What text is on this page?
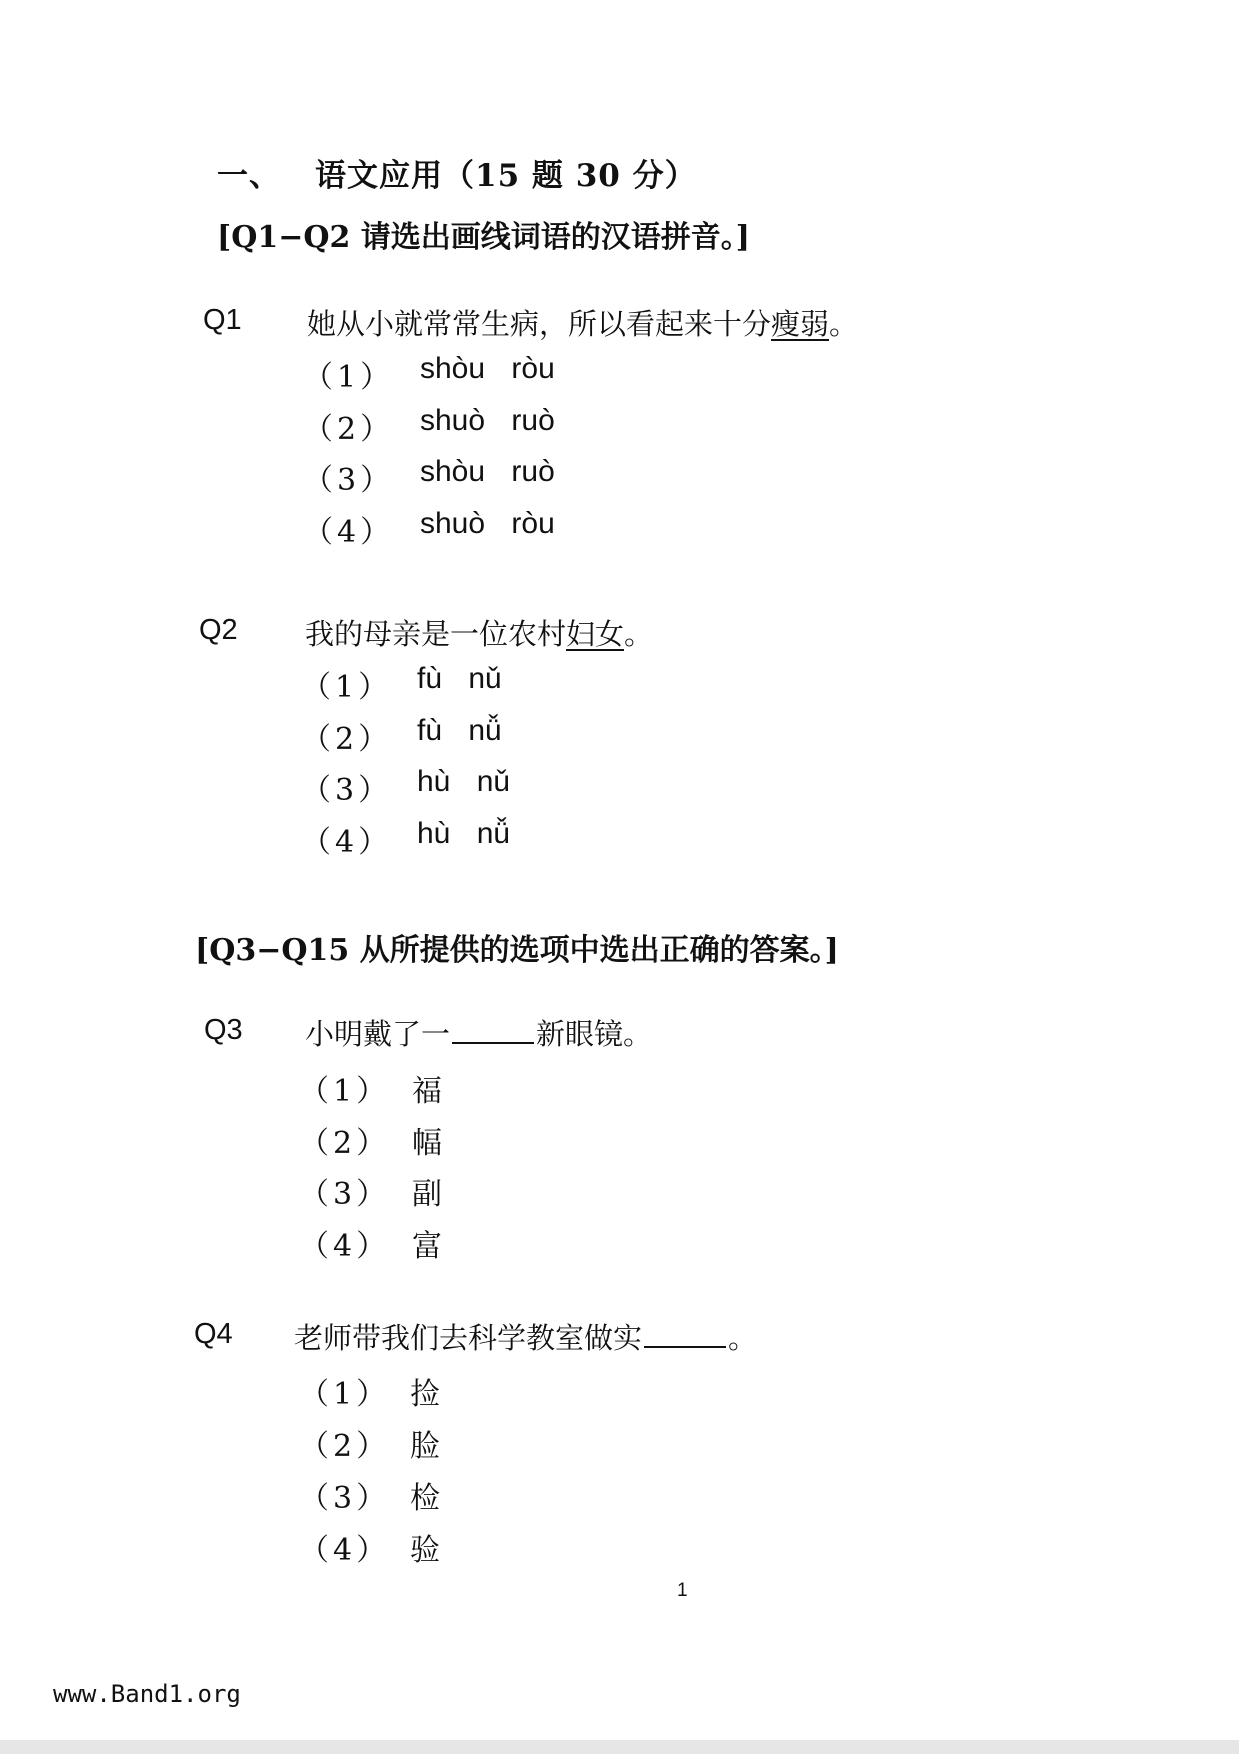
一、 语文应用（15 题 30 分）
[Q1−Q2 请选出画线词语的汉语拼音。]
Q1 她从小就常常生病，所以看起来十分瘦弱。
（1） shòu ròu
（2） shuò ruò
（3） shòu ruò
（4） shuò ròu
Q2 我的母亲是一位农村妇女。
（1） fù nǔ
（2） fù nǚ
（3） hù nǔ
（4） hù nǚ
[Q3−Q15 从所提供的选项中选出正确的答案。]
Q3 小明戴了一	新眼镜。
（1） 福
（2） 幅
（3） 副
（4） 富
Q4 老师带我们去科学教室做实	。
（1） 捡
（2） 脸
（3） 检
（4） 验
1
www.Band1.org
